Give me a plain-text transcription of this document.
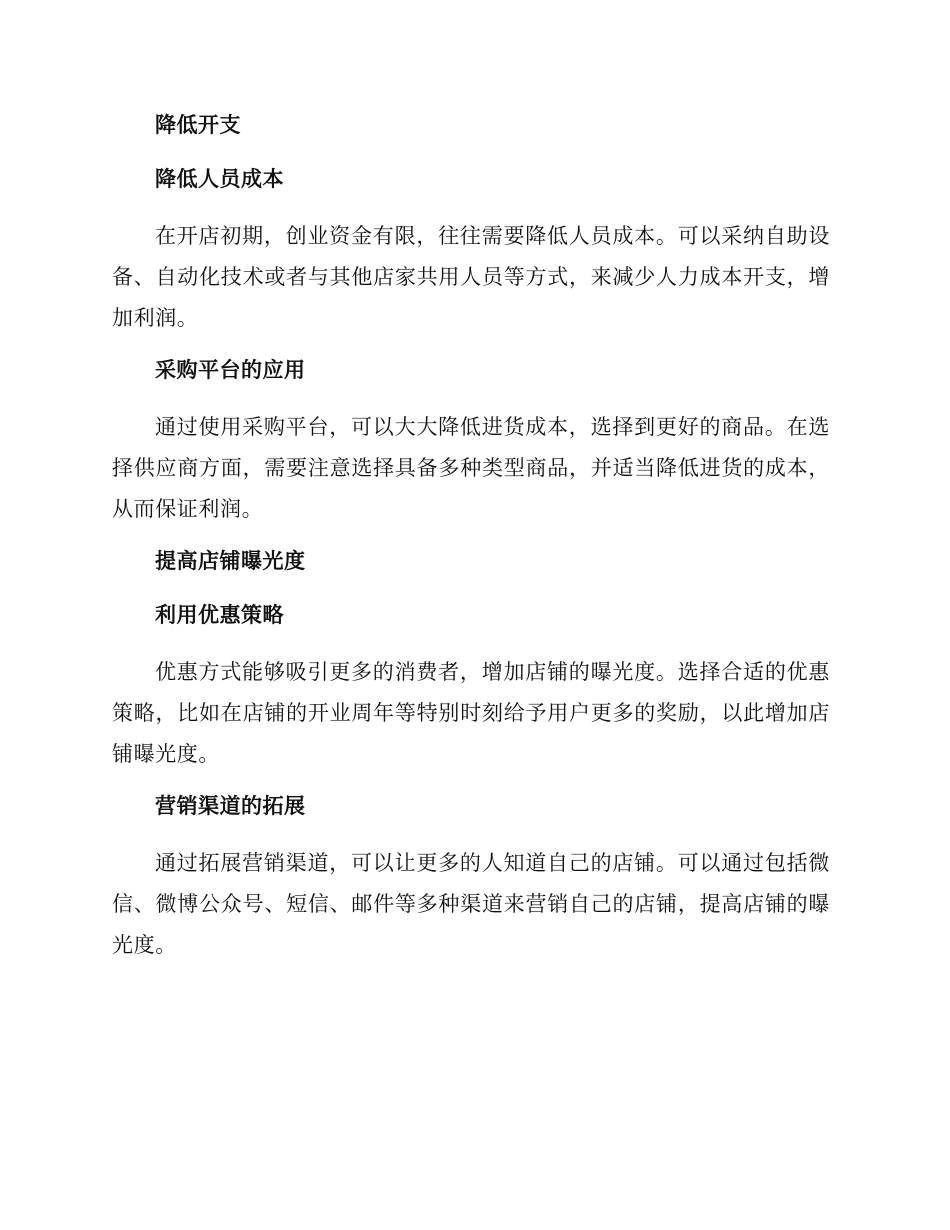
降低开支
降低人员成本

在开店初期，创业资金有限，往往需要降低人员成本。可以采纳自助设备、自动化技术或者与其他店家共用人员等方式，来减少人力成本开支，增加利润。

采购平台的应用

通过使用采购平台，可以大大降低进货成本，选择到更好的商品。在选择供应商方面，需要注意选择具备多种类型商品，并适当降低进货的成本，从而保证利润。

提高店铺曝光度
利用优惠策略

优惠方式能够吸引更多的消费者，增加店铺的曝光度。选择合适的优惠策略，比如在店铺的开业周年等特别时刻给予用户更多的奖励，以此增加店铺曝光度。

营销渠道的拓展

通过拓展营销渠道，可以让更多的人知道自己的店铺。可以通过包括微信、微博公众号、短信、邮件等多种渠道来营销自己的店铺，提高店铺的曝光度。
